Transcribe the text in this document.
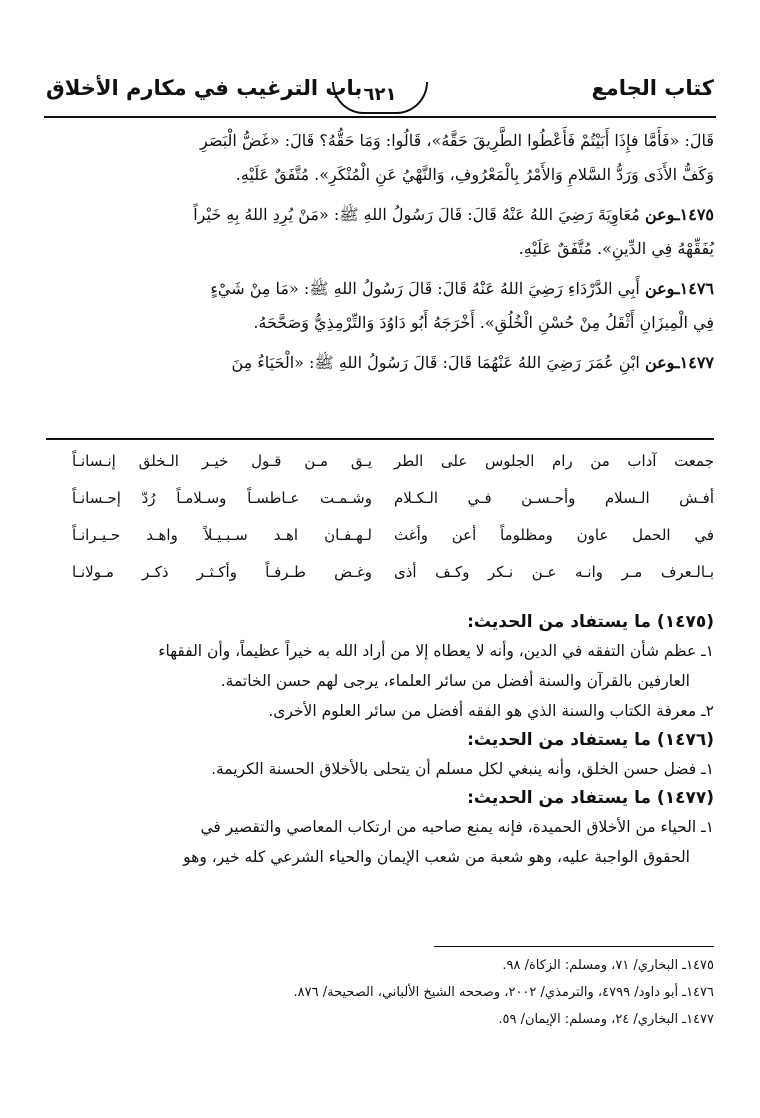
كتاب الجامع
٦٢١
باب الترغيب في مكارم الأخلاق
قَالَ: «فَأَمَّا فإِذَا أَبَيْتُمْ فَأَعْطُوا الطَّرِيقَ حَقَّهُ»، قَالُوا: وَمَا حَقُّهُ؟ قَالَ: «غَضُّ الْبَصَرِ
وَكَفُّ الأَذَى وَرَدُّ السَّلامِ وَالأَمْرُ بِالْمَعْرُوفِ، وَالنَّهْيُ عَنِ الْمُنْكَرِ». مُتَّفَقٌ عَلَيْهِ.
١٤٧٥ـوعن مُعَاوِيَةَ رَضِيَ اللهُ عَنْهُ قَالَ: قَالَ رَسُولُ اللهِ ﷺ: «مَنْ يُرِدِ اللهُ بِهِ خَيْراً
يُفَقِّهْهُ فِي الدِّينِ». مُتَّفَقٌ عَلَيْهِ.
١٤٧٦ـوعن أَبِي الدَّرْدَاءِ رَضِيَ اللهُ عَنْهُ قَالَ: قَالَ رَسُولُ اللهِ ﷺ: «مَا مِنْ شَيْءٍ
فِي الْمِيزَانِ أَثْقَلُ مِنْ حُسْنِ الْخُلُقِ». أَخْرَجَهُ أَبُو دَاوُدَ وَالتِّرْمِذِيُّ وَصَحَّحَهُ.
١٤٧٧ـوعن ابْنِ عُمَرَ رَضِيَ اللهُ عَنْهُمَا قَالَ: قَالَ رَسُولُ اللهِ ﷺ: «الْحَيَاءُ مِنَ
جمعت آداب من رام الجلوس على الطر
يـق مـن قـول خيـر الـخلق إنـسانـاً
أفـش الـسلام وأحـسـن فـي الـكـلام
وشـمـت عـاطسـاً وسـلامـاً رُدّ إحـسانـاً
في الحمل عاون ومظلوماً أعن وأغث
لـهـفـان اهـد سـبـيـلاً واهـد حـيـرانـاً
بـالـعرف مـر وانـه عـن نـكر وكـف أذى
وغـض طـرفـاً وأكـثـر ذكـر مـولانـا
(١٤٧٥) ما يستفاد من الحديث:
١ـ عظم شأن التفقه في الدين، وأنه لا يعطاه إلا من أراد الله به خيراً عظيماً، وأن الفقهاء
العارفين بالقرآن والسنة أفضل من سائر العلماء، يرجى لهم حسن الخاتمة.
٢ـ معرفة الكتاب والسنة الذي هو الفقه أفضل من سائر العلوم الأخرى.
(١٤٧٦) ما يستفاد من الحديث:
١ـ فضل حسن الخلق، وأنه ينبغي لكل مسلم أن يتحلى بالأخلاق الحسنة الكريمة.
(١٤٧٧) ما يستفاد من الحديث:
١ـ الحياء من الأخلاق الحميدة، فإنه يمنع صاحبه من ارتكاب المعاصي والتقصير في
الحقوق الواجبة عليه، وهو شعبة من شعب الإيمان والحياء الشرعي كله خير، وهو
١٤٧٥ـ البخاري/ ٧١، ومسلم: الزكاة/ ٩٨.
١٤٧٦ـ أبو داود/ ٤٧٩٩، والترمذي/ ٢٠٠٢، وصححه الشيخ الألباني، الصحيحة/ ٨٧٦.
١٤٧٧ـ البخاري/ ٢٤، ومسلم: الإيمان/ ٥٩.
